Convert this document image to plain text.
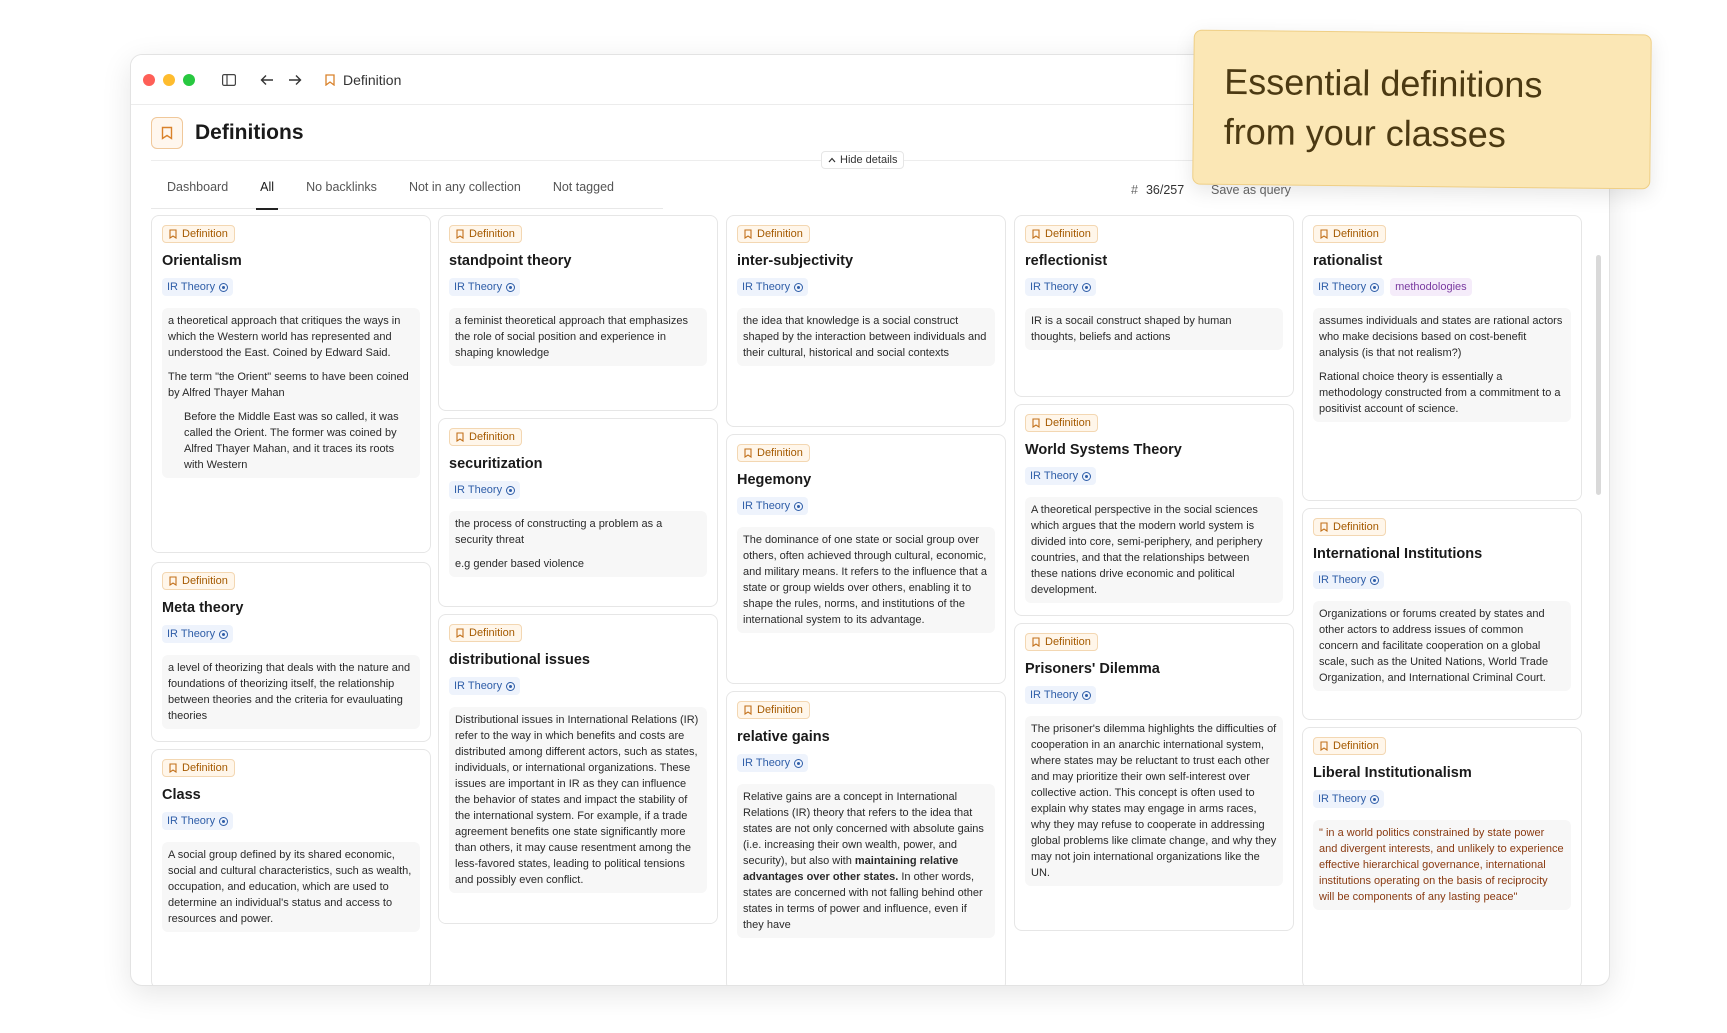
Definition
Definitions
Hide details
Dashboard	All	No backlinks	Not in any collection	Not tagged	# 36/257 Save as query
Definition
Orientalism
IR Theory

a theoretical approach that critiques the ways in which the Western world has represented and understood the East. Coined by Edward Said.

The term "the Orient" seems to have been coined by Alfred Thayer Mahan

Before the Middle East was so called, it was called the Orient. The former was coined by Alfred Thayer Mahan, and it traces its roots with Western

Definition
Meta theory
IR Theory

a level of theorizing that deals with the nature and foundations of theorizing itself, the relationship between theories and the criteria for evauluating theories

Definition
Class
IR Theory

A social group defined by its shared economic, social and cultural characteristics, such as wealth, occupation, and education, which are used to determine an individual's status and access to resources and power.

Definition
standpoint theory
IR Theory

a feminist theoretical approach that emphasizes the role of social position and experience in shaping knowledge

Definition
securitization
IR Theory

the process of constructing a problem as a security threat

e.g gender based violence

Definition
distributional issues
IR Theory

Distributional issues in International Relations (IR) refer to the way in which benefits and costs are distributed among different actors, such as states, individuals, or international organizations. These issues are important in IR as they can influence the behavior of states and impact the stability of the international system. For example, if a trade agreement benefits one state significantly more than others, it may cause resentment among the less-favored states, leading to political tensions and possibly even conflict.

Definition
inter-subjectivity
IR Theory

the idea that knowledge is a social construct shaped by the interaction between individuals and their cultural, historical and social contexts

Definition
Hegemony
IR Theory

The dominance of one state or social group over others, often achieved through cultural, economic, and military means. It refers to the influence that a state or group wields over others, enabling it to shape the rules, norms, and institutions of the international system to its advantage.

Definition
relative gains
IR Theory

Relative gains are a concept in International Relations (IR) theory that refers to the idea that states are not only concerned with absolute gains (i.e. increasing their own wealth, power, and security), but also with maintaining relative advantages over other states. In other words, states are concerned with not falling behind other states in terms of power and influence, even if they have

Definition
reflectionist
IR Theory

IR is a socail construct shaped by human thoughts, beliefs and actions

Definition
World Systems Theory
IR Theory

A theoretical perspective in the social sciences which argues that the modern world system is divided into core, semi-periphery, and periphery countries, and that the relationships between these nations drive economic and political development.

Definition
Prisoners' Dilemma
IR Theory

The prisoner's dilemma highlights the difficulties of cooperation in an anarchic international system, where states may be reluctant to trust each other and may prioritize their own self-interest over collective action. This concept is often used to explain why states may engage in arms races, why they may refuse to cooperate in addressing global problems like climate change, and why they may not join international organizations like the UN.

Definition
rationalist
IR Theory	methodologies

assumes individuals and states are rational actors who make decisions based on cost-benefit analysis (is that not realism?)

Rational choice theory is essentially a methodology constructed from a commitment to a positivist account of science.

Definition
International Institutions
IR Theory

Organizations or forums created by states and other actors to address issues of common concern and facilitate cooperation on a global scale, such as the United Nations, World Trade Organization, and International Criminal Court.

Definition
Liberal Institutionalism
IR Theory

" in a world politics constrained by state power and divergent interests, and unlikely to experience effective hierarchical governance, international institutions operating on the basis of reciprocity will be components of any lasting peace"

Essential definitions
from your classes
